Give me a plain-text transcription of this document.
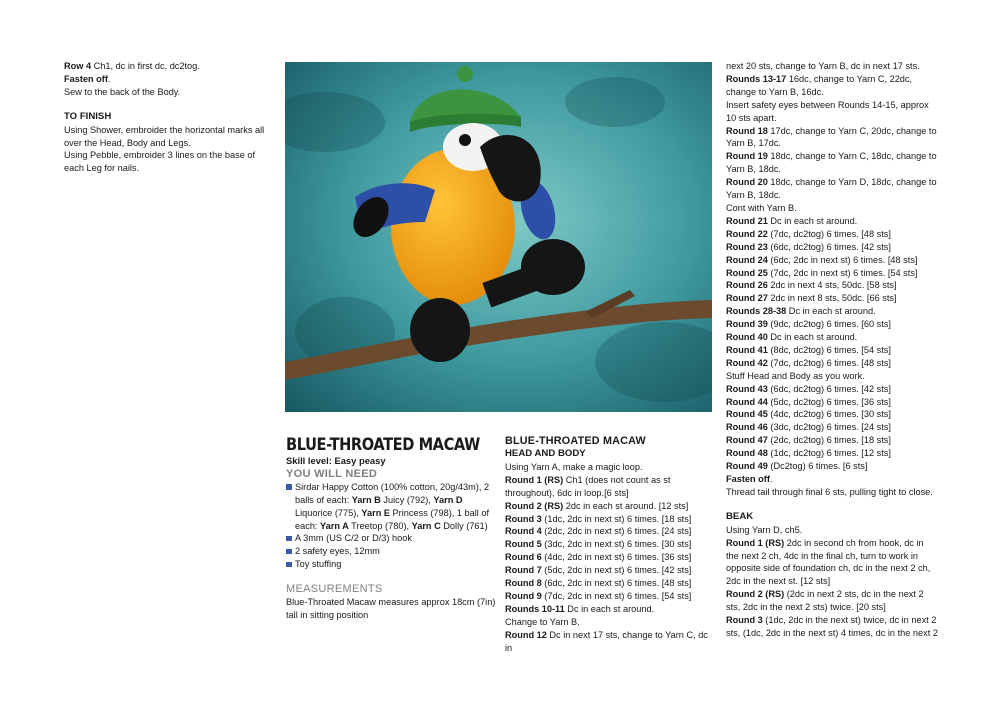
Row 4 Ch1, dc in first dc, dc2tog.

Fasten off.

Sew to the back of the Body.

TO FINISH

Using Shower, embroider the horizontal marks all over the Head, Body and Legs.

Using Pebble, embroider 3 lines on the base of each Leg for nails.

BLUE-THROATED MACAW

Skill level: Easy peasy

YOU WILL NEED

Sirdar Happy Cotton (100% cotton, 20g/43m), 2 balls of each: Yarn B Juicy (792), Yarn D Liquorice (775), Yarn E Princess (798), 1 ball of each: Yarn A Treetop (780), Yarn C Dolly (761)
A 3mm (US C/2 or D/3) hook
2 safety eyes, 12mm
Toy stuffing

MEASUREMENTS

Blue-Throated Macaw measures approx 18cm (7in) tall in sitting position

BLUE-THROATED MACAW

HEAD AND BODY

Using Yarn A, make a magic loop.

Round 1 (RS) Ch1 (does not count as st throughout), 6dc in loop.[6 sts]

Round 2 (RS) 2dc in each st around. [12 sts]

Round 3 (1dc, 2dc in next st) 6 times. [18 sts]

Round 4 (2dc, 2dc in next st) 6 times. [24 sts]

Round 5 (3dc, 2dc in next st) 6 times. [30 sts]

Round 6 (4dc, 2dc in next st) 6 times. [36 sts]

Round 7 (5dc, 2dc in next st) 6 times. [42 sts]

Round 8 (6dc, 2dc in next st) 6 times. [48 sts]

Round 9 (7dc, 2dc in next st) 6 times. [54 sts]

Rounds 10-11 Dc in each st around.

Change to Yarn B.

Round 12 Dc in next 17 sts, change to Yarn C, dc in

next 20 sts, change to Yarn B, dc in next 17 sts.

Rounds 13-17 16dc, change to Yarn C, 22dc, change to Yarn B, 16dc.

Insert safety eyes between Rounds 14-15, approx 10 sts apart.

Round 18 17dc, change to Yarn C, 20dc, change to Yarn B, 17dc.

Round 19 18dc, change to Yarn C, 18dc, change to Yarn B, 18dc.

Round 20 18dc, change to Yarn D, 18dc, change to Yarn B, 18dc.

Cont with Yarn B.

Round 21 Dc in each st around.

Round 22 (7dc, dc2tog) 6 times. [48 sts]

Round 23 (6dc, dc2tog) 6 times. [42 sts]

Round 24 (6dc, 2dc in next st) 6 times. [48 sts]

Round 25 (7dc, 2dc in next st) 6 times. [54 sts]

Round 26 2dc in next 4 sts, 50dc. [58 sts]

Round 27 2dc in next 8 sts, 50dc. [66 sts]

Rounds 28-38 Dc in each st around.

Round 39 (9dc, dc2tog) 6 times. [60 sts]

Round 40 Dc in each st around.

Round 41 (8dc, dc2tog) 6 times. [54 sts]

Round 42 (7dc, dc2tog) 6 times. [48 sts]

Stuff Head and Body as you work.

Round 43 (6dc, dc2tog) 6 times. [42 sts]

Round 44 (5dc, dc2tog) 6 times. [36 sts]

Round 45 (4dc, dc2tog) 6 times. [30 sts]

Round 46 (3dc, dc2tog) 6 times. [24 sts]

Round 47 (2dc, dc2tog) 6 times. [18 sts]

Round 48 (1dc, dc2tog) 6 times. [12 sts]

Round 49 (Dc2tog) 6 times. [6 sts]

Fasten off.

Thread tail through final 6 sts, pulling tight to close.

BEAK

Using Yarn D, ch5.

Round 1 (RS) 2dc in second ch from hook, dc in the next 2 ch, 4dc in the final ch, turn to work in opposite side of foundation ch, dc in the next 2 ch, 2dc in the next st. [12 sts]

Round 2 (RS) (2dc in next 2 sts, dc in the next 2 sts, 2dc in the next 2 sts) twice. [20 sts]

Round 3 (1dc, 2dc in the next st) twice, dc in next 2 sts, (1dc, 2dc in the next st) 4 times, dc in the next 2
